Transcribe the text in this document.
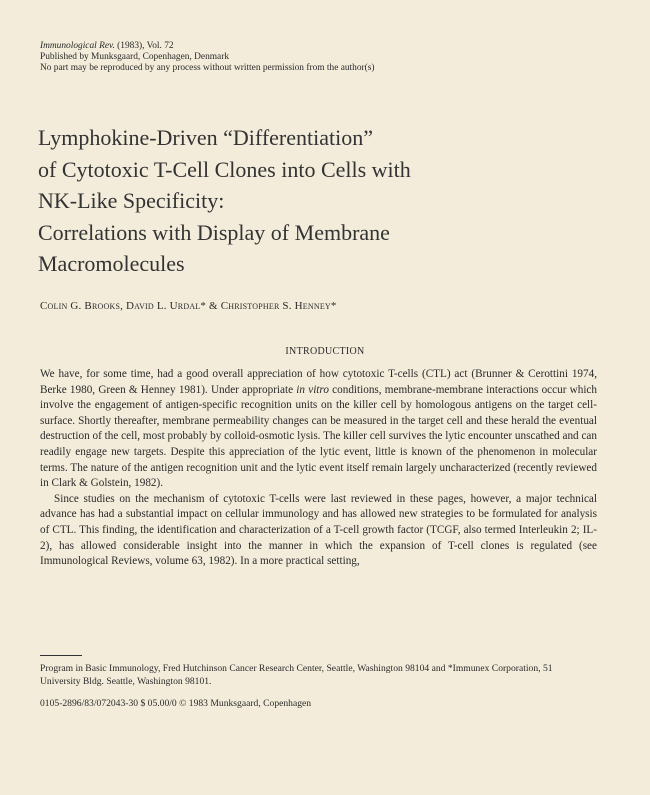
Immunological Rev. (1983), Vol. 72
Published by Munksgaard, Copenhagen, Denmark
No part may be reproduced by any process without written permission from the author(s)
Lymphokine-Driven “Differentiation”
of Cytotoxic T-Cell Clones into Cells with
NK-Like Specificity:
Correlations with Display of Membrane
Macromolecules
Colin G. Brooks, David L. Urdal* & Christopher S. Henney*
INTRODUCTION

We have, for some time, had a good overall appreciation of how cytotoxic T-cells (CTL) act (Brunner & Cerottini 1974, Berke 1980, Green & Henney 1981). Under appropriate in vitro conditions, membrane-membrane interactions occur which involve the engagement of antigen-specific recognition units on the killer cell by homologous antigens on the target cell-surface. Shortly thereafter, membrane permeability changes can be measured in the target cell and these herald the eventual destruction of the cell, most probably by colloid-osmotic lysis. The killer cell survives the lytic encounter unscathed and can readily engage new targets. Despite this appreciation of the lytic event, little is known of the phenomenon in molecular terms. The nature of the antigen recognition unit and the lytic event itself remain largely uncharacterized (recently reviewed in Clark & Golstein, 1982).

Since studies on the mechanism of cytotoxic T-cells were last reviewed in these pages, however, a major technical advance has had a substantial impact on cellular immunology and has allowed new strategies to be formulated for analysis of CTL. This finding, the identification and characterization of a T-cell growth factor (TCGF, also termed Interleukin 2; IL-2), has allowed considerable insight into the manner in which the expansion of T-cell clones is regulated (see Immunological Reviews, volume 63, 1982). In a more practical setting,

Program in Basic Immunology, Fred Hutchinson Cancer Research Center, Seattle, Washington 98104 and *Immunex Corporation, 51 University Bldg. Seattle, Washington 98101.
0105-2896/83/072043-30 $ 05.00/0 © 1983 Munksgaard, Copenhagen
